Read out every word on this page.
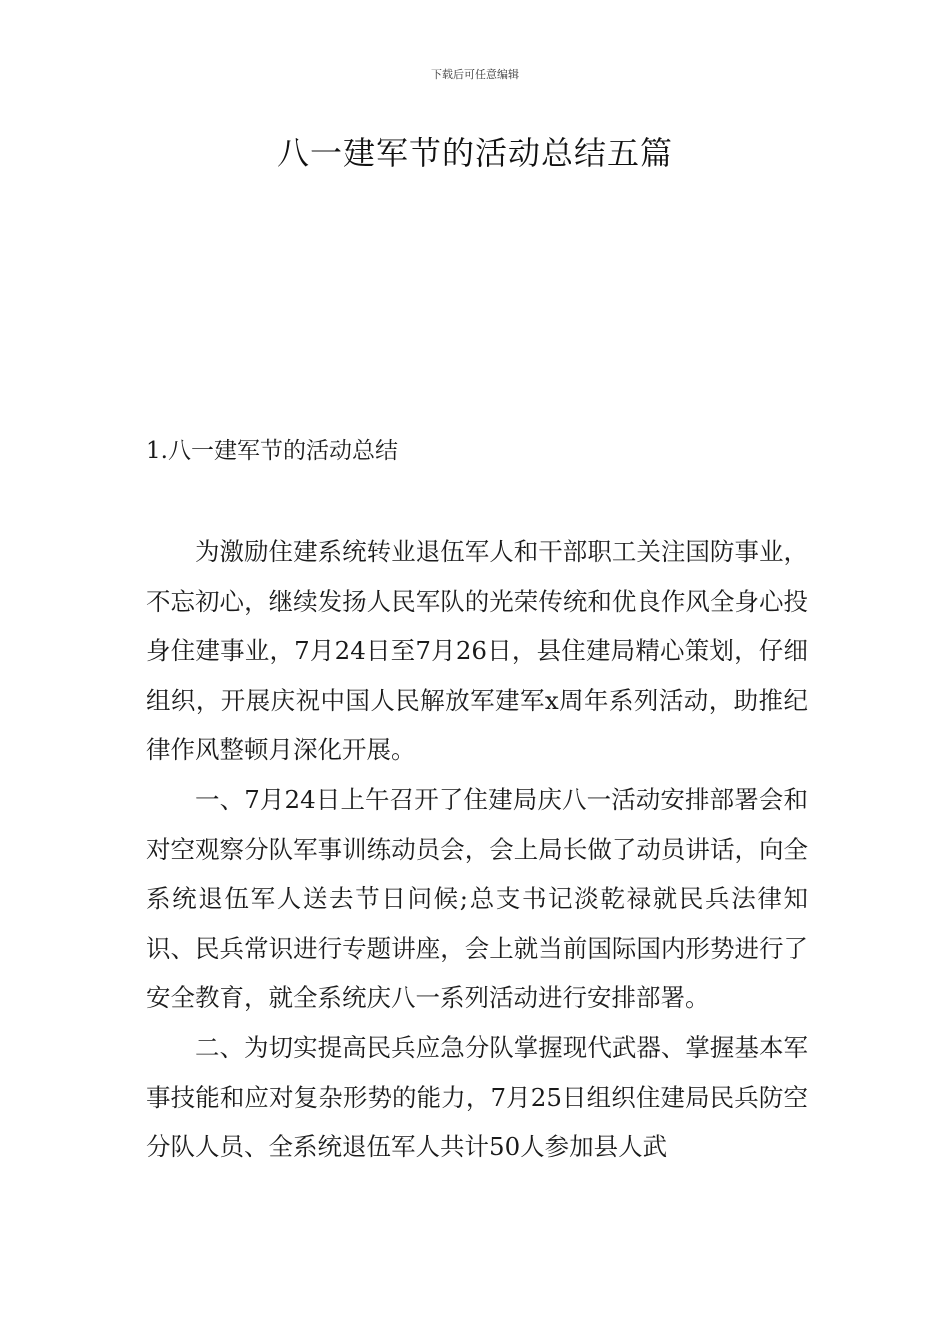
下载后可任意编辑
八一建军节的活动总结五篇
1.八一建军节的活动总结

为激励住建系统转业退伍军人和干部职工关注国防事业，不忘初心，继续发扬人民军队的光荣传统和优良作风全身心投身住建事业，7月24日至7月26日，县住建局精心策划，仔细组织，开展庆祝中国人民解放军建军x周年系列活动，助推纪律作风整顿月深化开展。

一、7月24日上午召开了住建局庆八一活动安排部署会和对空观察分队军事训练动员会，会上局长做了动员讲话，向全系统退伍军人送去节日问候;总支书记淡乾禄就民兵法律知识、民兵常识进行专题讲座，会上就当前国际国内形势进行了安全教育，就全系统庆八一系列活动进行安排部署。

二、为切实提高民兵应急分队掌握现代武器、掌握基本军事技能和应对复杂形势的能力，7月25日组织住建局民兵防空分队人员、全系统退伍军人共计50人参加县人武
